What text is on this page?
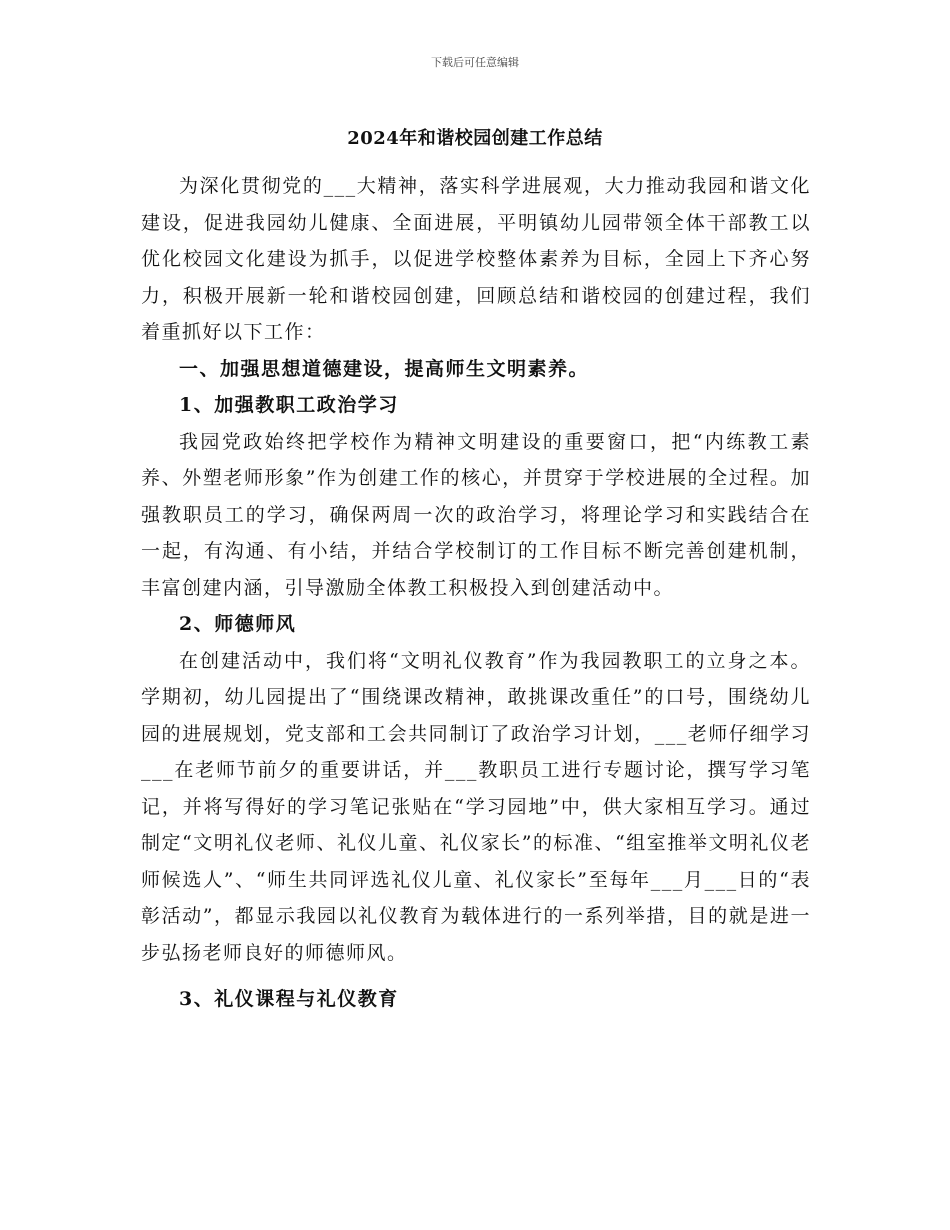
下载后可任意编辑
2024年和谐校园创建工作总结

为深化贯彻党的___大精神，落实科学进展观，大力推动我园和谐文化建设，促进我园幼儿健康、全面进展，平明镇幼儿园带领全体干部教工以优化校园文化建设为抓手，以促进学校整体素养为目标，全园上下齐心努力，积极开展新一轮和谐校园创建，回顾总结和谐校园的创建过程，我们着重抓好以下工作：

一、加强思想道德建设，提高师生文明素养。

1、加强教职工政治学习

我园党政始终把学校作为精神文明建设的重要窗口，把“内练教工素养、外塑老师形象”作为创建工作的核心，并贯穿于学校进展的全过程。加强教职员工的学习，确保两周一次的政治学习，将理论学习和实践结合在一起，有沟通、有小结，并结合学校制订的工作目标不断完善创建机制，丰富创建内涵，引导激励全体教工积极投入到创建活动中。

2、师德师风

在创建活动中，我们将“文明礼仪教育”作为我园教职工的立身之本。学期初，幼儿园提出了“围绕课改精神，敢挑课改重任”的口号，围绕幼儿园的进展规划，党支部和工会共同制订了政治学习计划，___老师仔细学习___在老师节前夕的重要讲话，并___教职员工进行专题讨论，撰写学习笔记，并将写得好的学习笔记张贴在“学习园地”中，供大家相互学习。通过制定“文明礼仪老师、礼仪儿童、礼仪家长”的标准、“组室推举文明礼仪老师候选人”、“师生共同评选礼仪儿童、礼仪家长”至每年___月___日的“表彰活动”，都显示我园以礼仪教育为载体进行的一系列举措，目的就是进一步弘扬老师良好的师德师风。

3、礼仪课程与礼仪教育
